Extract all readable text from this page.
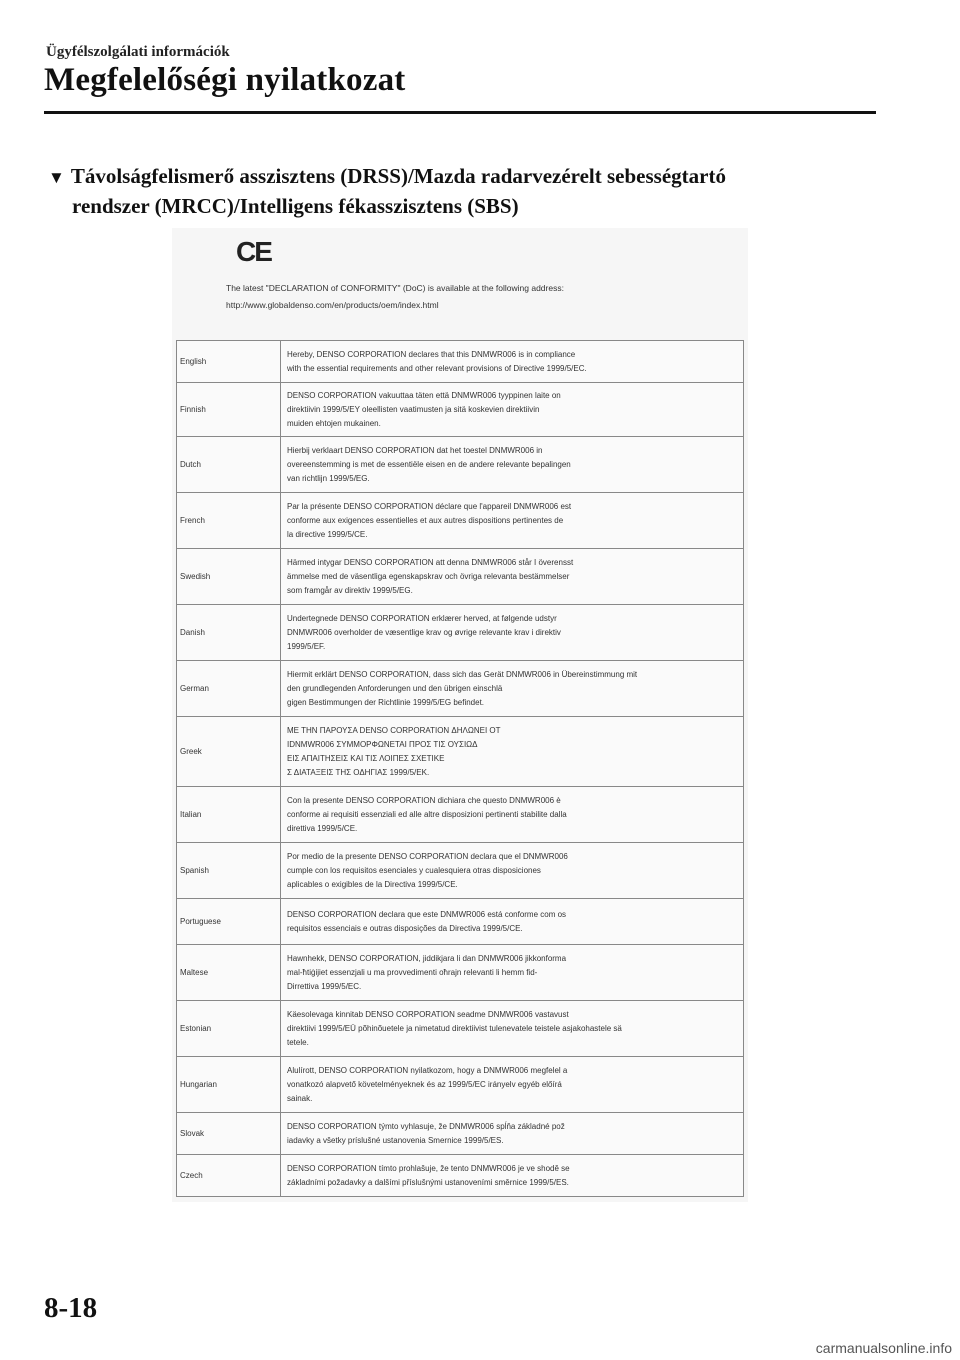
Ügyfélszolgálati információk
Megfelelőségi nyilatkozat
▼ Távolságfelismerő asszisztens (DRSS)/Mazda radarvezérelt sebességtartó
rendszer (MRCC)/Intelligens fékasszisztens (SBS)
CE
The latest "DECLARATION of CONFORMITY" (DoC) is available at the following address:
http://www.globaldenso.com/en/products/oem/index.html
English	Hereby, DENSO CORPORATION declares that this DNMWR006 is in compliance
with the essential requirements and other relevant provisions of Directive 1999/5/EC.

Finnish	DENSO CORPORATION vakuuttaa täten että DNMWR006 tyyppinen laite on
direktiivin 1999/5/EY oleellisten vaatimusten ja sitä koskevien direktiivin
muiden ehtojen mukainen.

Dutch	Hierbij verklaart DENSO CORPORATION dat het toestel DNMWR006 in
overeenstemming is met de essentiële eisen en de andere relevante bepalingen
van richtlijn 1999/5/EG.

French	Par la présente DENSO CORPORATION déclare que l'appareil DNMWR006 est
conforme aux exigences essentielles et aux autres dispositions pertinentes de
la directive 1999/5/CE.

Swedish	Härmed intygar DENSO CORPORATION att denna DNMWR006 står I överensst
ämmelse med de väsentliga egenskapskrav och övriga relevanta bestämmelser
som framgår av direktiv 1999/5/EG.

Danish	Undertegnede DENSO CORPORATION erklærer herved, at følgende udstyr
DNMWR006 overholder de væsentlige krav og øvrige relevante krav i direktiv
1999/5/EF.

German	Hiermit erklärt DENSO CORPORATION, dass sich das Gerät DNMWR006 in Übereinstimmung mit
den grundlegenden Anforderungen und den übrigen einschlä
gigen Bestimmungen der Richtlinie 1999/5/EG befindet.

Greek	ΜΕ ΤΗΝ ΠΑΡΟΥΣΑ DENSO CORPORATION ΔΗΛΩΝΕΙ ΟΤ
IDNMWR006 ΣΥΜΜΟΡΦΩΝΕΤΑΙ ΠΡΟΣ ΤΙΣ ΟΥΣΙΩΔ
ΕΙΣ ΑΠΑΙΤΗΣΕΙΣ ΚΑΙ ΤΙΣ ΛΟΙΠΕΣ ΣΧΕΤΙΚΕ
Σ ΔΙΑΤΑΞΕΙΣ ΤΗΣ ΟΔΗΓΙΑΣ 1999/5/ΕΚ.

Italian	Con la presente DENSO CORPORATION dichiara che questo DNMWR006 è
conforme ai requisiti essenziali ed alle altre disposizioni pertinenti stabilite dalla
direttiva 1999/5/CE.

Spanish	Por medio de la presente DENSO CORPORATION declara que el DNMWR006
cumple con los requisitos esenciales y cualesquiera otras disposiciones
aplicables o exigibles de la Directiva 1999/5/CE.

Portuguese	DENSO CORPORATION declara que este DNMWR006 está conforme com os
requisitos essenciais e outras disposições da Directiva 1999/5/CE.

Maltese	Hawnhekk, DENSO CORPORATION, jiddikjara li dan DNMWR006 jikkonforma
mal-ħtiġijiet essenzjali u ma provvedimenti oħrajn relevanti li hemm fid-
Dirrettiva 1999/5/EC.

Estonian	Käesolevaga kinnitab DENSO CORPORATION seadme DNMWR006 vastavust
direktiivi 1999/5/EÜ põhinõuetele ja nimetatud direktiivist tulenevatele teistele asjakohastele sä
tetele.

Hungarian	Alulírott, DENSO CORPORATION nyilatkozom, hogy a DNMWR006 megfelel a
vonatkozó alapvető követelményeknek és az 1999/5/EC irányelv egyéb előírá
sainak.

Slovak	DENSO CORPORATION týmto vyhlasuje, že DNMWR006 spĺňa základné pož
iadavky a všetky príslušné ustanovenia Smernice 1999/5/ES.

Czech	DENSO CORPORATION tímto prohlašuje, že tento DNMWR006 je ve shodě se
základními požadavky a dalšími příslušnými ustanoveními směrnice 1999/5/ES.
8-18
carmanualsonline.info
